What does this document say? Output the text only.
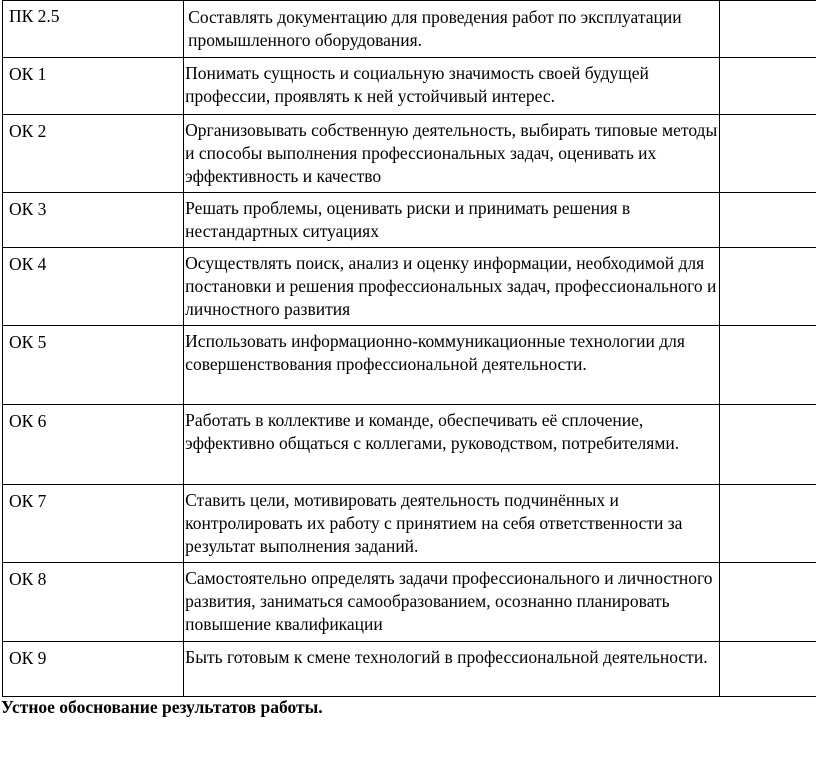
ПК 2.5	Составлять документацию для проведения работ по эксплуатации промышленного оборудования.	
ОК 1	Понимать сущность и социальную значимость своей будущей профессии, проявлять к ней устойчивый интерес.	
ОК 2	Организовывать собственную деятельность, выбирать типовые методы и способы выполнения профессиональных задач, оценивать их эффективность и качество	
ОК 3	Решать проблемы, оценивать риски и принимать решения в нестандартных ситуациях	
ОК 4	Осуществлять поиск, анализ и оценку информации, необходимой для постановки и решения профессиональных задач, профессионального и личностного развития	
ОК 5	Использовать информационно-коммуникационные технологии для совершенствования профессиональной деятельности.	
ОК 6	Работать в коллективе и команде, обеспечивать её сплочение, эффективно общаться с коллегами, руководством, потребителями.	
ОК 7	Ставить цели, мотивировать деятельность подчинённых и контролировать их работу с принятием на себя ответственности за результат выполнения заданий.	
ОК 8	Самостоятельно определять задачи профессионального и личностного развития, заниматься самообразованием, осознанно планировать повышение квалификации	
ОК 9	Быть готовым к смене технологий в профессиональной деятельности.	
Устное обоснование результатов работы.
